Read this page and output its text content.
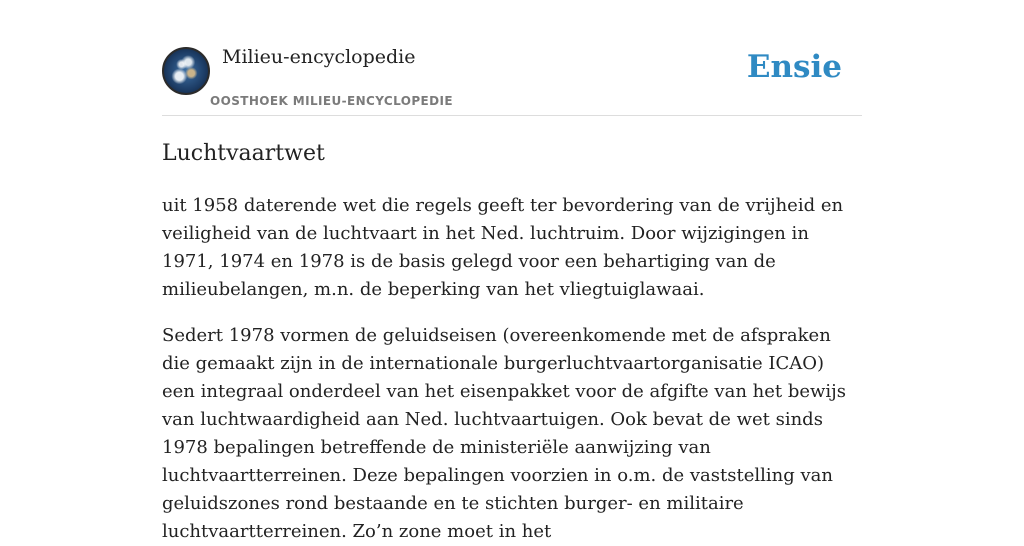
Milieu-encyclopedie
OOSTHOEK MILIEU-ENCYCLOPEDIE
Ensie
Luchtvaartwet

uit 1958 daterende wet die regels geeft ter bevordering van de vrijheid en veiligheid van de luchtvaart in het Ned. luchtruim. Door wijzigingen in 1971, 1974 en 1978 is de basis gelegd voor een behartiging van de milieubelangen, m.n. de beperking van het vliegtuiglawaai.

Sedert 1978 vormen de geluidseisen (overeenkomende met de afspraken die gemaakt zijn in de internationale burgerluchtvaartorganisatie ICAO) een integraal onderdeel van het eisenpakket voor de afgifte van het bewijs van luchtwaardigheid aan Ned. luchtvaartuigen. Ook bevat de wet sinds 1978 bepalingen betreffende de ministeriële aanwijzing van luchtvaartterreinen. Deze bepalingen voorzien in o.m. de vaststelling van geluidszones rond bestaande en te stichten burger- en militaire luchtvaartterreinen. Zo’n zone moet in het
